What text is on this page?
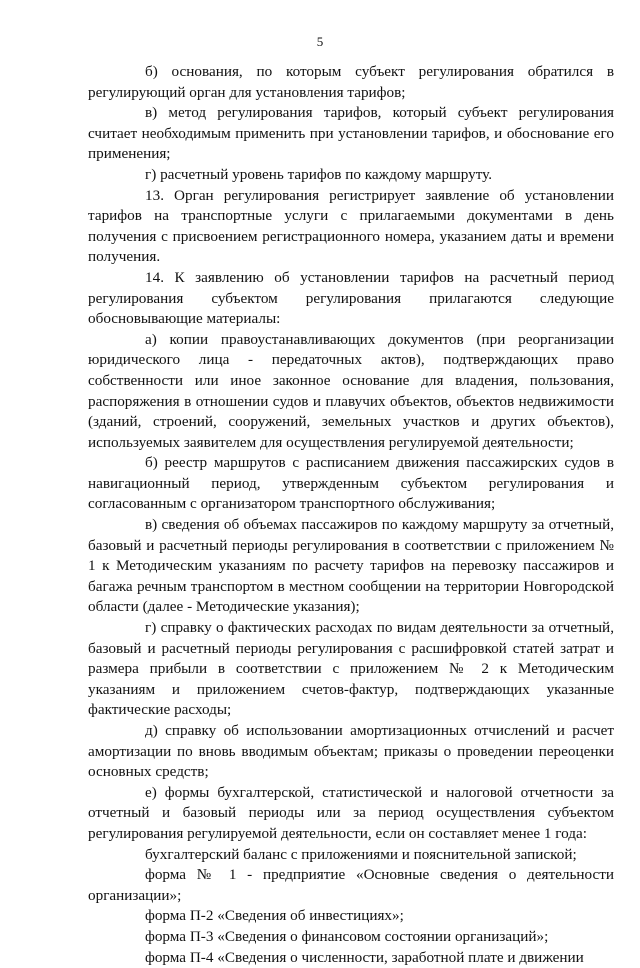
5

б) основания, по которым субъект регулирования обратился в регулирующий орган для установления тарифов;

в) метод регулирования тарифов, который субъект регулирования считает необходимым применить при установлении тарифов, и обоснование его применения;

г) расчетный уровень тарифов по каждому маршруту.

13. Орган регулирования регистрирует заявление об установлении тарифов на транспортные услуги с прилагаемыми документами в день получения с присвоением регистрационного номера, указанием даты и времени получения.

14. К заявлению об установлении тарифов на расчетный период регулирования субъектом регулирования прилагаются следующие обосновывающие материалы:

а) копии правоустанавливающих документов (при реорганизации юридического лица - передаточных актов), подтверждающих право собственности или иное законное основание для владения, пользования, распоряжения в отношении судов и плавучих объектов, объектов недвижимости (зданий, строений, сооружений, земельных участков и других объектов), используемых заявителем для осуществления регулируемой деятельности;

б) реестр маршрутов с расписанием движения пассажирских судов в навигационный период, утвержденным субъектом регулирования и согласованным с организатором транспортного обслуживания;

в) сведения об объемах пассажиров по каждому маршруту за отчетный, базовый и расчетный периоды регулирования в соответствии с приложением № 1 к Методическим указаниям по расчету тарифов на перевозку пассажиров и багажа речным транспортом в местном сообщении на территории Новгородской области (далее - Методические указания);

г) справку о фактических расходах по видам деятельности за отчетный, базовый и расчетный периоды регулирования с расшифровкой статей затрат и размера прибыли в соответствии с приложением № 2 к Методическим указаниям и приложением счетов-фактур, подтверждающих указанные фактические расходы;

д) справку об использовании амортизационных отчислений и расчет амортизации по вновь вводимым объектам; приказы о проведении переоценки основных средств;

е) формы бухгалтерской, статистической и налоговой отчетности за отчетный и базовый периоды или за период осуществления субъектом регулирования регулируемой деятельности, если он составляет менее 1 года:

бухгалтерский баланс с приложениями и пояснительной запиской;

форма № 1 - предприятие «Основные сведения о деятельности организации»;

форма П-2 «Сведения об инвестициях»;

форма П-3 «Сведения о финансовом состоянии организаций»;

форма П-4 «Сведения о численности, заработной плате и движении
